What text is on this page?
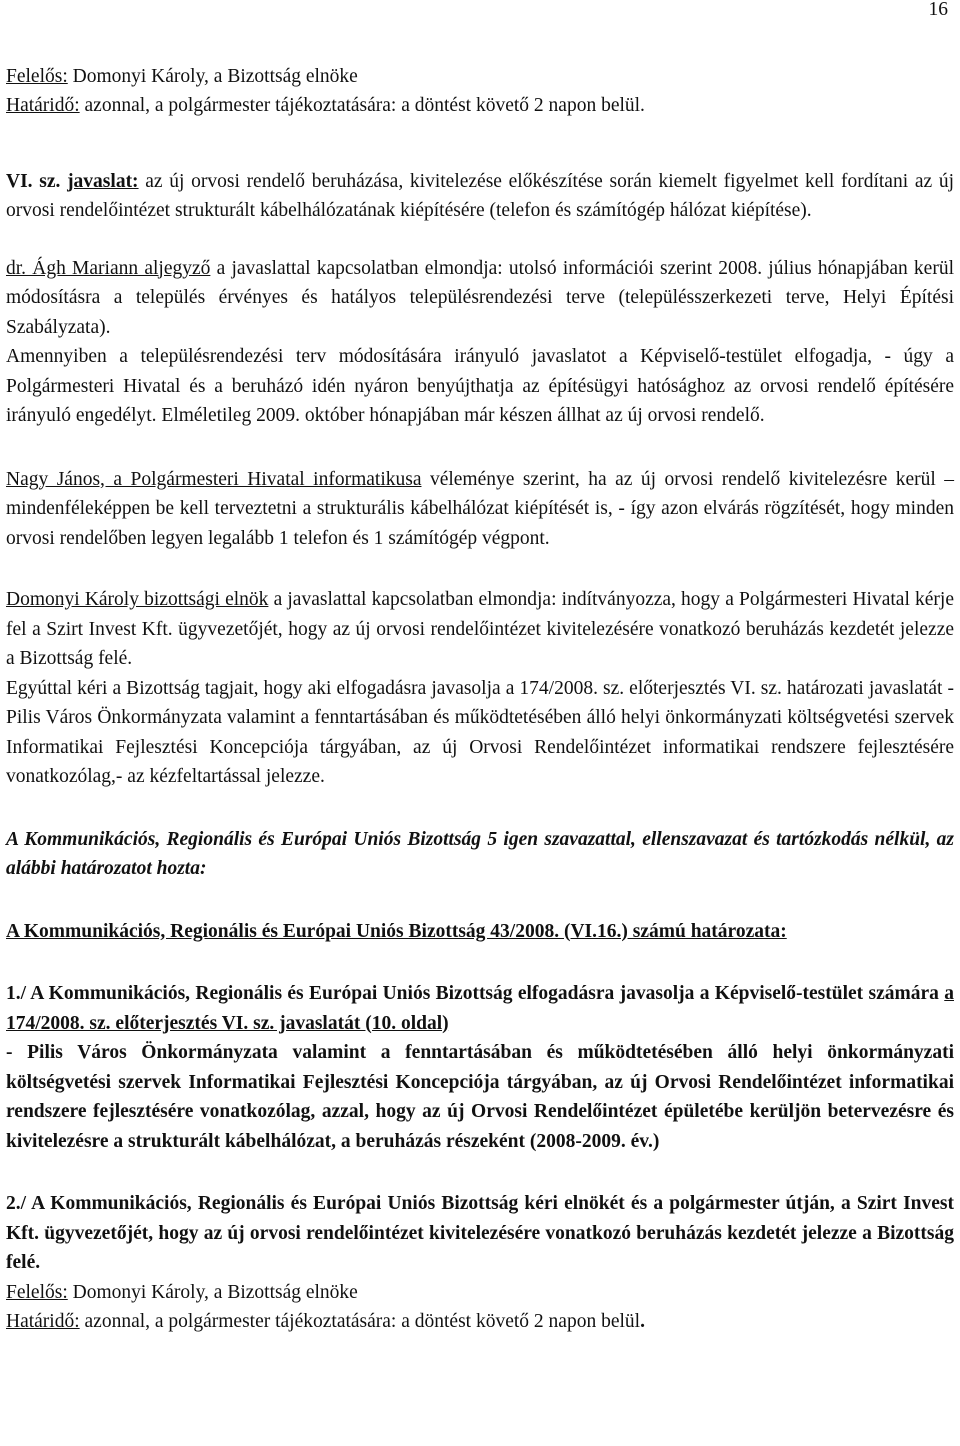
16

Felelős: Domonyi Károly, a Bizottság elnöke

Határidő: azonnal, a polgármester tájékoztatására: a döntést követő 2 napon belül.

VI. sz. javaslat: az új orvosi rendelő beruházása, kivitelezése előkészítése során kiemelt figyelmet kell fordítani az új orvosi rendelőintézet strukturált kábelhálózatának kiépítésére (telefon és számítógép hálózat kiépítése).

dr. Ágh Mariann aljegyző a javaslattal kapcsolatban elmondja: utolsó információi szerint 2008. július hónapjában kerül módosításra a település érvényes és hatályos településrendezési terve (településszerkezeti terve, Helyi Építési Szabályzata).

Amennyiben a településrendezési terv módosítására irányuló javaslatot a Képviselő-testület elfogadja, - úgy a Polgármesteri Hivatal és a beruházó idén nyáron benyújthatja az építésügyi hatósághoz az orvosi rendelő építésére irányuló engedélyt. Elméletileg 2009. október hónapjában már készen állhat az új orvosi rendelő.

Nagy János, a Polgármesteri Hivatal informatikusa véleménye szerint, ha az új orvosi rendelő kivitelezésre kerül – mindenféleképpen be kell terveztetni a strukturális kábelhálózat kiépítését is, - így azon elvárás rögzítését, hogy minden orvosi rendelőben legyen legalább 1 telefon és 1 számítógép végpont.

Domonyi Károly bizottsági elnök a javaslattal kapcsolatban elmondja: indítványozza, hogy a Polgármesteri Hivatal kérje fel a Szirt Invest Kft. ügyvezetőjét, hogy az új orvosi rendelőintézet kivitelezésére vonatkozó beruházás kezdetét jelezze a Bizottság felé.

Egyúttal kéri a Bizottság tagjait, hogy aki elfogadásra javasolja a 174/2008. sz. előterjesztés VI. sz. határozati javaslatát - Pilis Város Önkormányzata valamint a fenntartásában és működtetésében álló helyi önkormányzati költségvetési szervek Informatikai Fejlesztési Koncepciója tárgyában, az új Orvosi Rendelőintézet informatikai rendszere fejlesztésére vonatkozólag,- az kézfeltartással jelezze.

A Kommunikációs, Regionális és Európai Uniós Bizottság 5 igen szavazattal, ellenszavazat és tartózkodás nélkül, az alábbi határozatot hozta:

A Kommunikációs, Regionális és Európai Uniós Bizottság 43/2008. (VI.16.) számú határozata:

1./ A Kommunikációs, Regionális és Európai Uniós Bizottság elfogadásra javasolja a Képviselő-testület számára a 174/2008. sz. előterjesztés VI. sz. javaslatát (10. oldal)

- Pilis Város Önkormányzata valamint a fenntartásában és működtetésében álló helyi önkormányzati költségvetési szervek Informatikai Fejlesztési Koncepciója tárgyában, az új Orvosi Rendelőintézet informatikai rendszere fejlesztésére vonatkozólag, azzal, hogy az új Orvosi Rendelőintézet épületébe kerüljön betervezésre és kivitelezésre a strukturált kábelhálózat, a beruházás részeként (2008-2009. év.)

2./ A Kommunikációs, Regionális és Európai Uniós Bizottság kéri elnökét és a polgármester útján, a Szirt Invest Kft. ügyvezetőjét, hogy az új orvosi rendelőintézet kivitelezésére vonatkozó beruházás kezdetét jelezze a Bizottság felé.

Felelős: Domonyi Károly, a Bizottság elnöke

Határidő: azonnal, a polgármester tájékoztatására: a döntést követő 2 napon belül.
